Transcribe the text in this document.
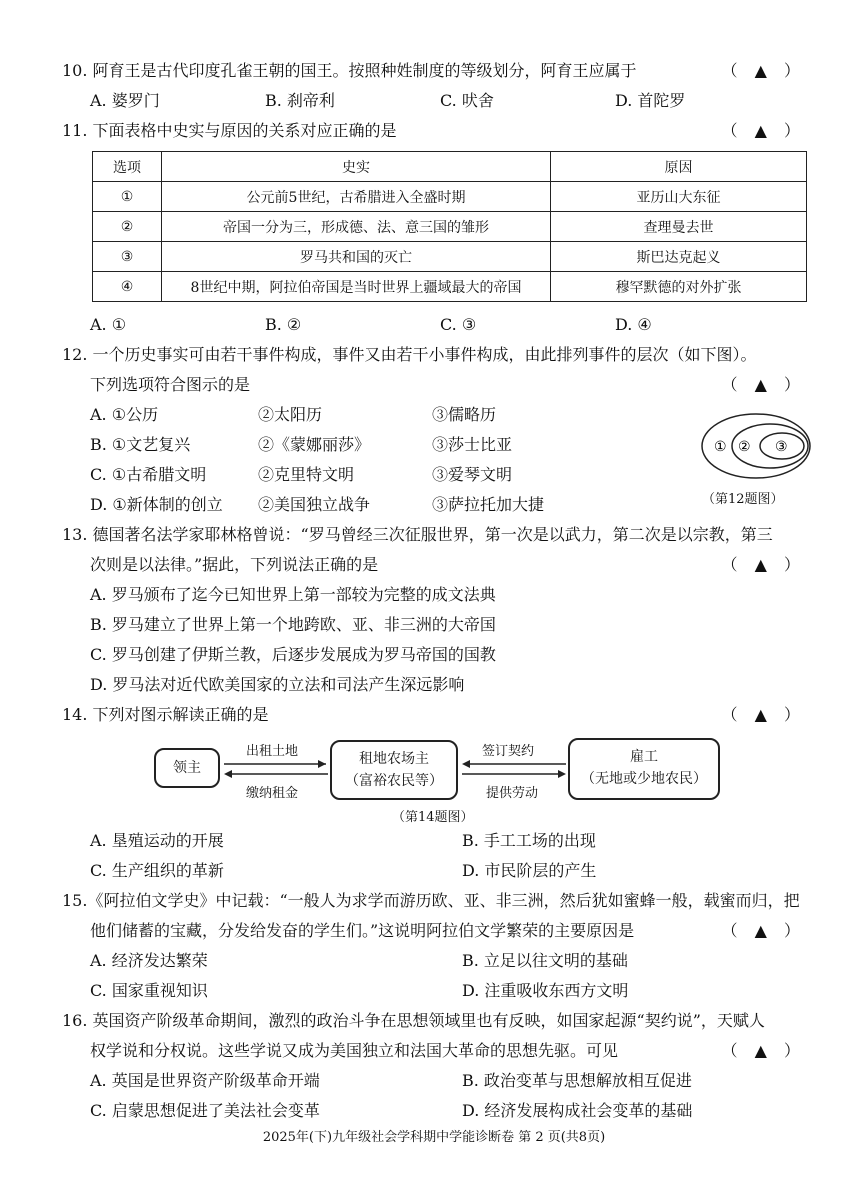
10. 阿育王是古代印度孔雀王朝的国王。按照种姓制度的等级划分，阿育王应属于	（ ▲ ）
A. 婆罗门	B. 刹帝利	C. 吠舍	D. 首陀罗
11. 下面表格中史实与原因的关系对应正确的是	（ ▲ ）
选项	史实	原因
①	公元前5世纪，古希腊进入全盛时期	亚历山大东征
②	帝国一分为三，形成德、法、意三国的雏形	查理曼去世
③	罗马共和国的灭亡	斯巴达克起义
④	8世纪中期，阿拉伯帝国是当时世界上疆域最大的帝国	穆罕默德的对外扩张
A. ①	B. ②	C. ③	D. ④
12. 一个历史事实可由若干事件构成，事件又由若干小事件构成，由此排列事件的层次（如下图）。
下列选项符合图示的是	（ ▲ ）
A. ①公历	②太阳历	③儒略历
B. ①文艺复兴	②《蒙娜丽莎》	③莎士比亚
C. ①古希腊文明	②克里特文明	③爱琴文明
D. ①新体制的创立 ②美国独立战争	③萨拉托加大捷
① ② ③
（第12题图）
13. 德国著名法学家耶林格曾说：“罗马曾经三次征服世界，第一次是以武力，第二次是以宗教，第三
次则是以法律。”据此，下列说法正确的是	（ ▲ ）
A. 罗马颁布了迄今已知世界上第一部较为完整的成文法典
B. 罗马建立了世界上第一个地跨欧、亚、非三洲的大帝国
C. 罗马创建了伊斯兰教，后逐步发展成为罗马帝国的国教
D. 罗马法对近代欧美国家的立法和司法产生深远影响
14. 下列对图示解读正确的是	（ ▲ ）
领主
租地农场主
（富裕农民等）
雇工
（无地或少地农民）
出租土地
缴纳租金
签订契约
提供劳动
（第14题图）
A. 垦殖运动的开展	B. 手工工场的出现
C. 生产组织的革新	D. 市民阶层的产生
15.《阿拉伯文学史》中记载：“一般人为求学而游历欧、亚、非三洲，然后犹如蜜蜂一般，载蜜而归，把
他们储蓄的宝藏，分发给发奋的学生们。”这说明阿拉伯文学繁荣的主要原因是	（ ▲ ）
A. 经济发达繁荣	B. 立足以往文明的基础
C. 国家重视知识	D. 注重吸收东西方文明
16. 英国资产阶级革命期间，激烈的政治斗争在思想领域里也有反映，如国家起源“契约说”，天赋人
权学说和分权说。这些学说又成为美国独立和法国大革命的思想先驱。可见	（ ▲ ）
A. 英国是世界资产阶级革命开端	B. 政治变革与思想解放相互促进
C. 启蒙思想促进了美法社会变革	D. 经济发展构成社会变革的基础
2025年(下)九年级社会学科期中学能诊断卷 第 2 页(共8页)
